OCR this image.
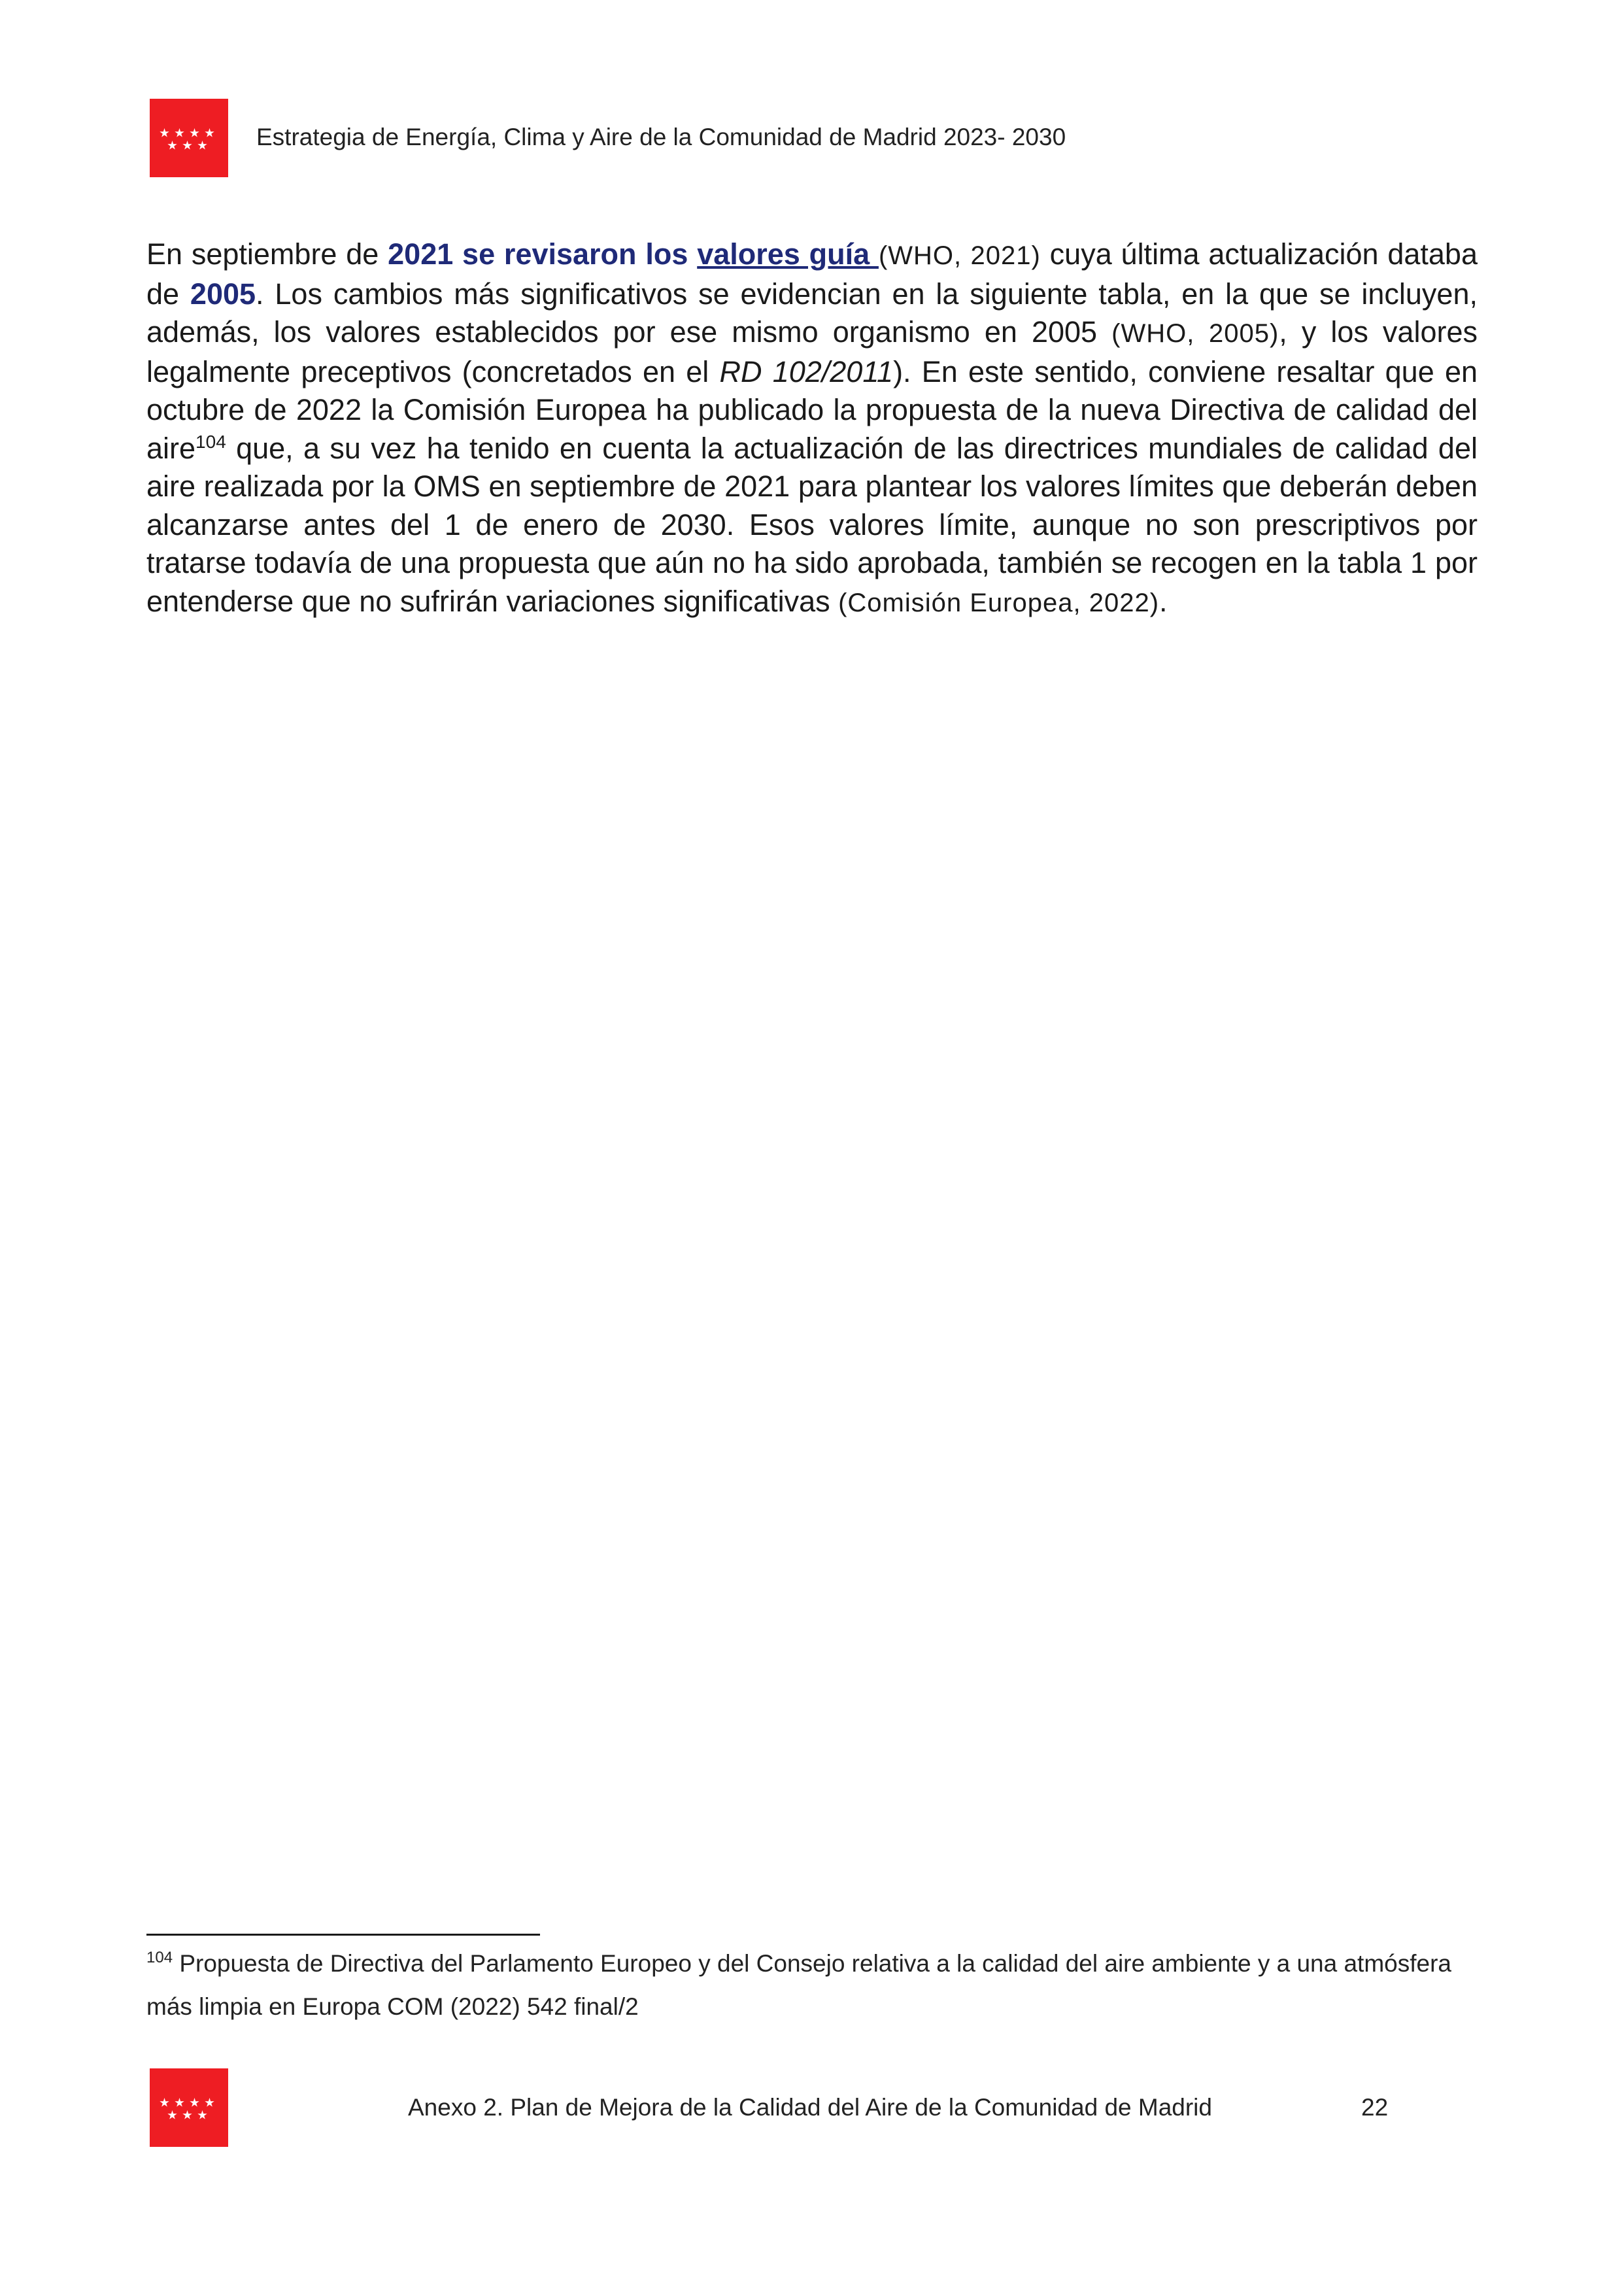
Estrategia de Energía, Clima y Aire de la Comunidad de Madrid 2023- 2030
En septiembre de 2021 se revisaron los valores guía (WHO, 2021) cuya última actualización databa de 2005. Los cambios más significativos se evidencian en la siguiente tabla, en la que se incluyen, además, los valores establecidos por ese mismo organismo en 2005 (WHO, 2005), y los valores legalmente preceptivos (concretados en el RD 102/2011). En este sentido, conviene resaltar que en octubre de 2022 la Comisión Europea ha publicado la propuesta de la nueva Directiva de calidad del aire$^{104}$ que, a su vez ha tenido en cuenta la actualización de las directrices mundiales de calidad del aire realizada por la OMS en septiembre de 2021 para plantear los valores límites que deberán deben alcanzarse antes del 1 de enero de 2030. Esos valores límite, aunque no son prescriptivos por tratarse todavía de una propuesta que aún no ha sido aprobada, también se recogen en la tabla 1 por entenderse que no sufrirán variaciones significativas (Comisión Europea, 2022).
$^{104}$ Propuesta de Directiva del Parlamento Europeo y del Consejo relativa a la calidad del aire ambiente y a una atmósfera más limpia en Europa COM (2022) 542 final/2
Anexo 2. Plan de Mejora de la Calidad del Aire de la Comunidad de Madrid	22
